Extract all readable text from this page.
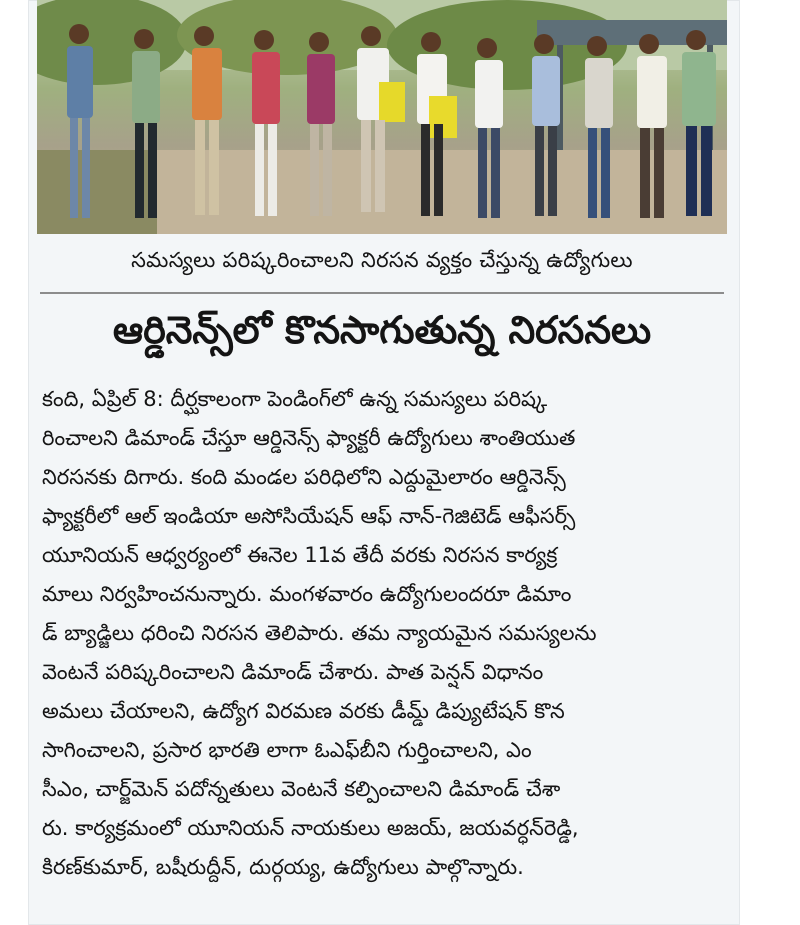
సమస్యలు పరిష్కరించాలని నిరసన వ్యక్తం చేస్తున్న ఉద్యోగులు
ఆర్డినెన్స్‌లో కొనసాగుతున్న నిరసనలు
కంది, ఏప్రిల్ 8: దీర్ఘకాలంగా పెండింగ్‌లో ఉన్న సమస్యలు పరిష్క
రించాలని డిమాండ్ చేస్తూ ఆర్డినెన్స్ ఫ్యాక్టరీ ఉద్యోగులు శాంతియుత
నిరసనకు దిగారు. కంది మండల పరిధిలోని ఎద్దుమైలారం ఆర్డినెన్స్
ఫ్యాక్టరీలో ఆల్ ఇండియా అసోసియేషన్ ఆఫ్ నాన్-గెజిటెడ్ ఆఫీసర్స్
యూనియన్ ఆధ్వర్యంలో ఈనెల 11వ తేదీ వరకు నిరసన కార్యక్ర
మాలు నిర్వహించనున్నారు. మంగళవారం ఉద్యోగులందరూ డిమాం
డ్ బ్యాడ్జిలు ధరించి నిరసన తెలిపారు. తమ న్యాయమైన సమస్యలను
వెంటనే పరిష్కరించాలని డిమాండ్ చేశారు. పాత పెన్షన్ విధానం
అమలు చేయాలని, ఉద్యోగ విరమణ వరకు డీమ్డ్ డిప్యుటేషన్ కొన
సాగించాలని, ప్రసార భారతి లాగా ఓఎఫ్‌బీని గుర్తించాలని, ఎం
సీఎం, చార్జ్‌మెన్ పదోన్నతులు వెంటనే కల్పించాలని డిమాండ్ చేశా
రు. కార్యక్రమంలో యూనియన్ నాయకులు అజయ్, జయవర్ధన్‌రెడ్డి,
కిరణ్‌కుమార్, బషీరుద్దీన్, దుర్గయ్య, ఉద్యోగులు పాల్గొన్నారు.
